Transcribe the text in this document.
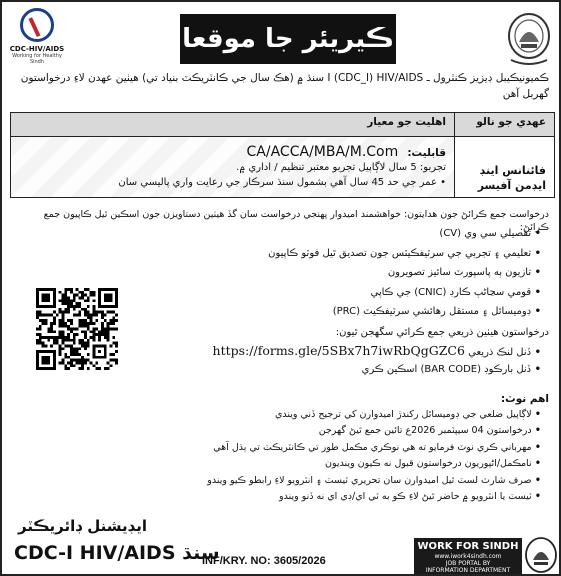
CDC-HIV/AIDS
Working for Healthy Sindh
ڪيريئر جا موقعا
ڪميونيڪيبل ڊيزيز ڪنٽرول ـ I (CDC_I) HIV/AIDS سنڌ ۾ (هڪ سال جي ڪانٽريڪٽ بنياد تي) هيٺين عهدن لاءِ درخواستون گهربل آهن
عهدي جو نالو	اهليت جو معيار
فائنانس اينڊ ايڊمن آفيسر	قابليت: CA/ACCA/MBA/M.Com
تجربو: 5 سال لاڳاپيل تجربو معتبر تنظيم / اداري ۾.
• عمر جي حد 45 سال آهي بشمول سنڌ سرڪار جي رعايت واري پاليسي سان
درخواست جمع ڪرائڻ جون هدايتون: خواهشمند اميدوار پهنجي درخواست سان گڏ هيٺين دستاويزن جون اسڪين ٿيل ڪاپيون جمع ڪرائڻ:
• تفصيلي سي وي (CV)
• تعليمي ۽ تجربي جي سرٽيفڪيٽس جون تصديق ٿيل فوٽو ڪاپيون
• تازيون ٻه پاسپورٽ سائيز تصويرون
• قومي سڃاڻپ ڪارڊ (CNIC) جي ڪاپي
• ڊوميسائل ۽ مستقل رهائشي سرٽيفڪيٽ (PRC)
درخواستون هيٺين ذريعي جمع ڪرائي سگهجن ٿيون:
• ڏنل لنڪ ذريعي https://forms.gle/5SBx7h7iwRbQgGZC6
• ڏنل بارڪوڊ (BAR CODE) اسڪين ڪري
اهم نوٽ:
• لاڳاپيل ضلعي جي ڊوميسائل رکندڙ اميدوارن کي ترجيح ڏني ويندي
• درخواستون 04 سيپٽمبر 2026ع تائين جمع ٿيڻ گهرجن
• مهرباني ڪري نوٽ فرمايو ته هي نوڪري مڪمل طور تي ڪانٽريڪٽ تي ٻڌل آهي
• نامڪمل/اڻپوريون درخواستون قبول نه ڪيون وينديون
• صرف شارٽ لسٽ ٿيل اميدوارن سان تحريري ٽيسٽ ۽ انٽرويو لاءِ رابطو ڪيو ويندو
• ٽيسٽ يا انٽرويو ۾ حاضر ٿيڻ لاءِ ڪو به ٽي اي/ڊي اي نه ڏنو ويندو
ايڊيشنل ڊائريڪٽر
CDC-I HIV/AIDS سنڌ
INF/KRY. NO: 3605/2026
WORK FOR SINDH
www.iwork4sindh.com
JOB PORTAL BY
INFORMATION DEPARTMENT
